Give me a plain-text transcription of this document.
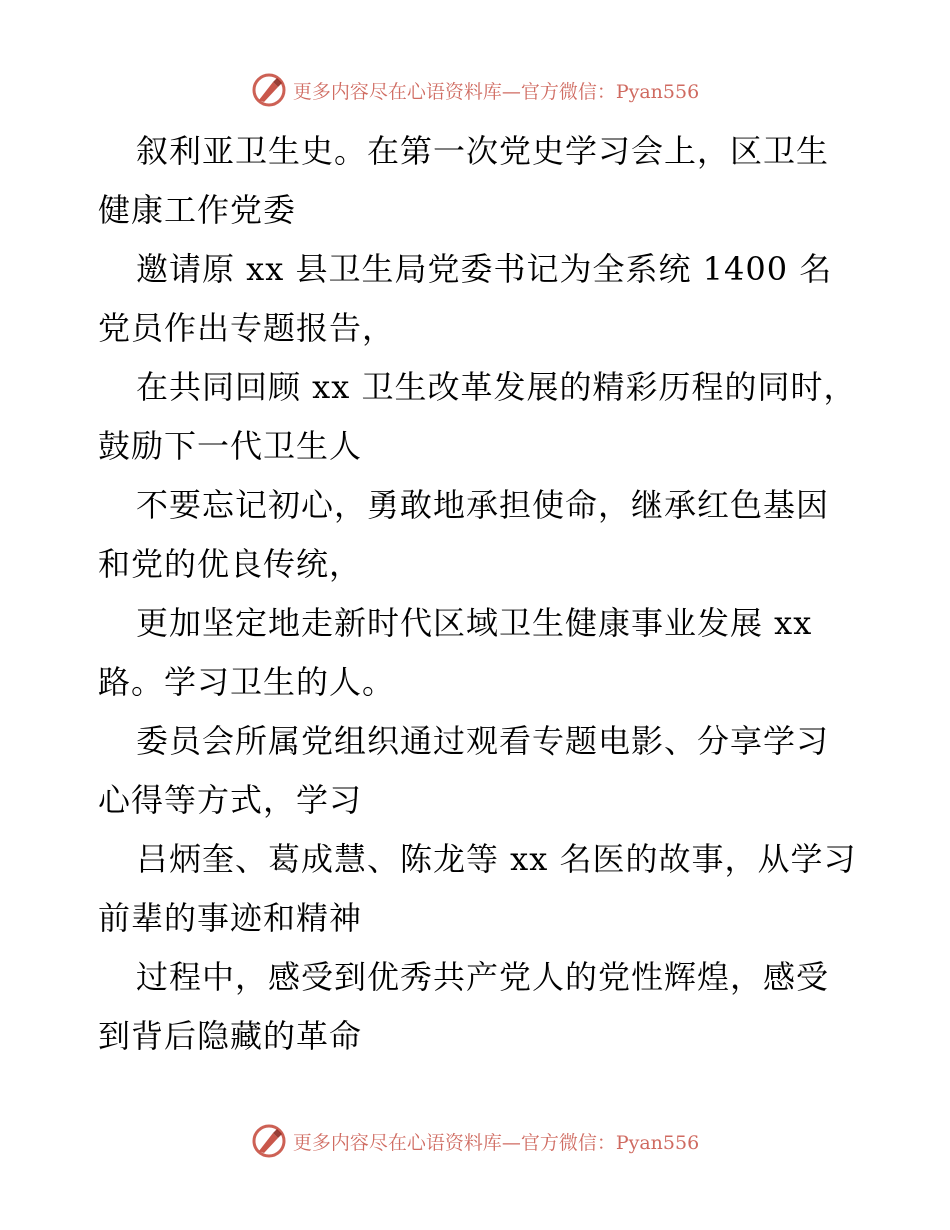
更多内容尽在心语资料库—官方微信：Pyan556

叙利亚卫生史。在第一次党史学习会上，区卫生健康工作党委

邀请原 xx 县卫生局党委书记为全系统 1400 名党员作出专题报告，

在共同回顾 xx 卫生改革发展的精彩历程的同时，鼓励下一代卫生人

不要忘记初心，勇敢地承担使命，继承红色基因和党的优良传统，

更加坚定地走新时代区域卫生健康事业发展 xx 路。学习卫生的人。

委员会所属党组织通过观看专题电影、分享学习心得等方式，学习

吕炳奎、葛成慧、陈龙等 xx 名医的故事，从学习前辈的事迹和精神

过程中，感受到优秀共产党人的党性辉煌，感受到背后隐藏的革命

更多内容尽在心语资料库—官方微信：Pyan556
